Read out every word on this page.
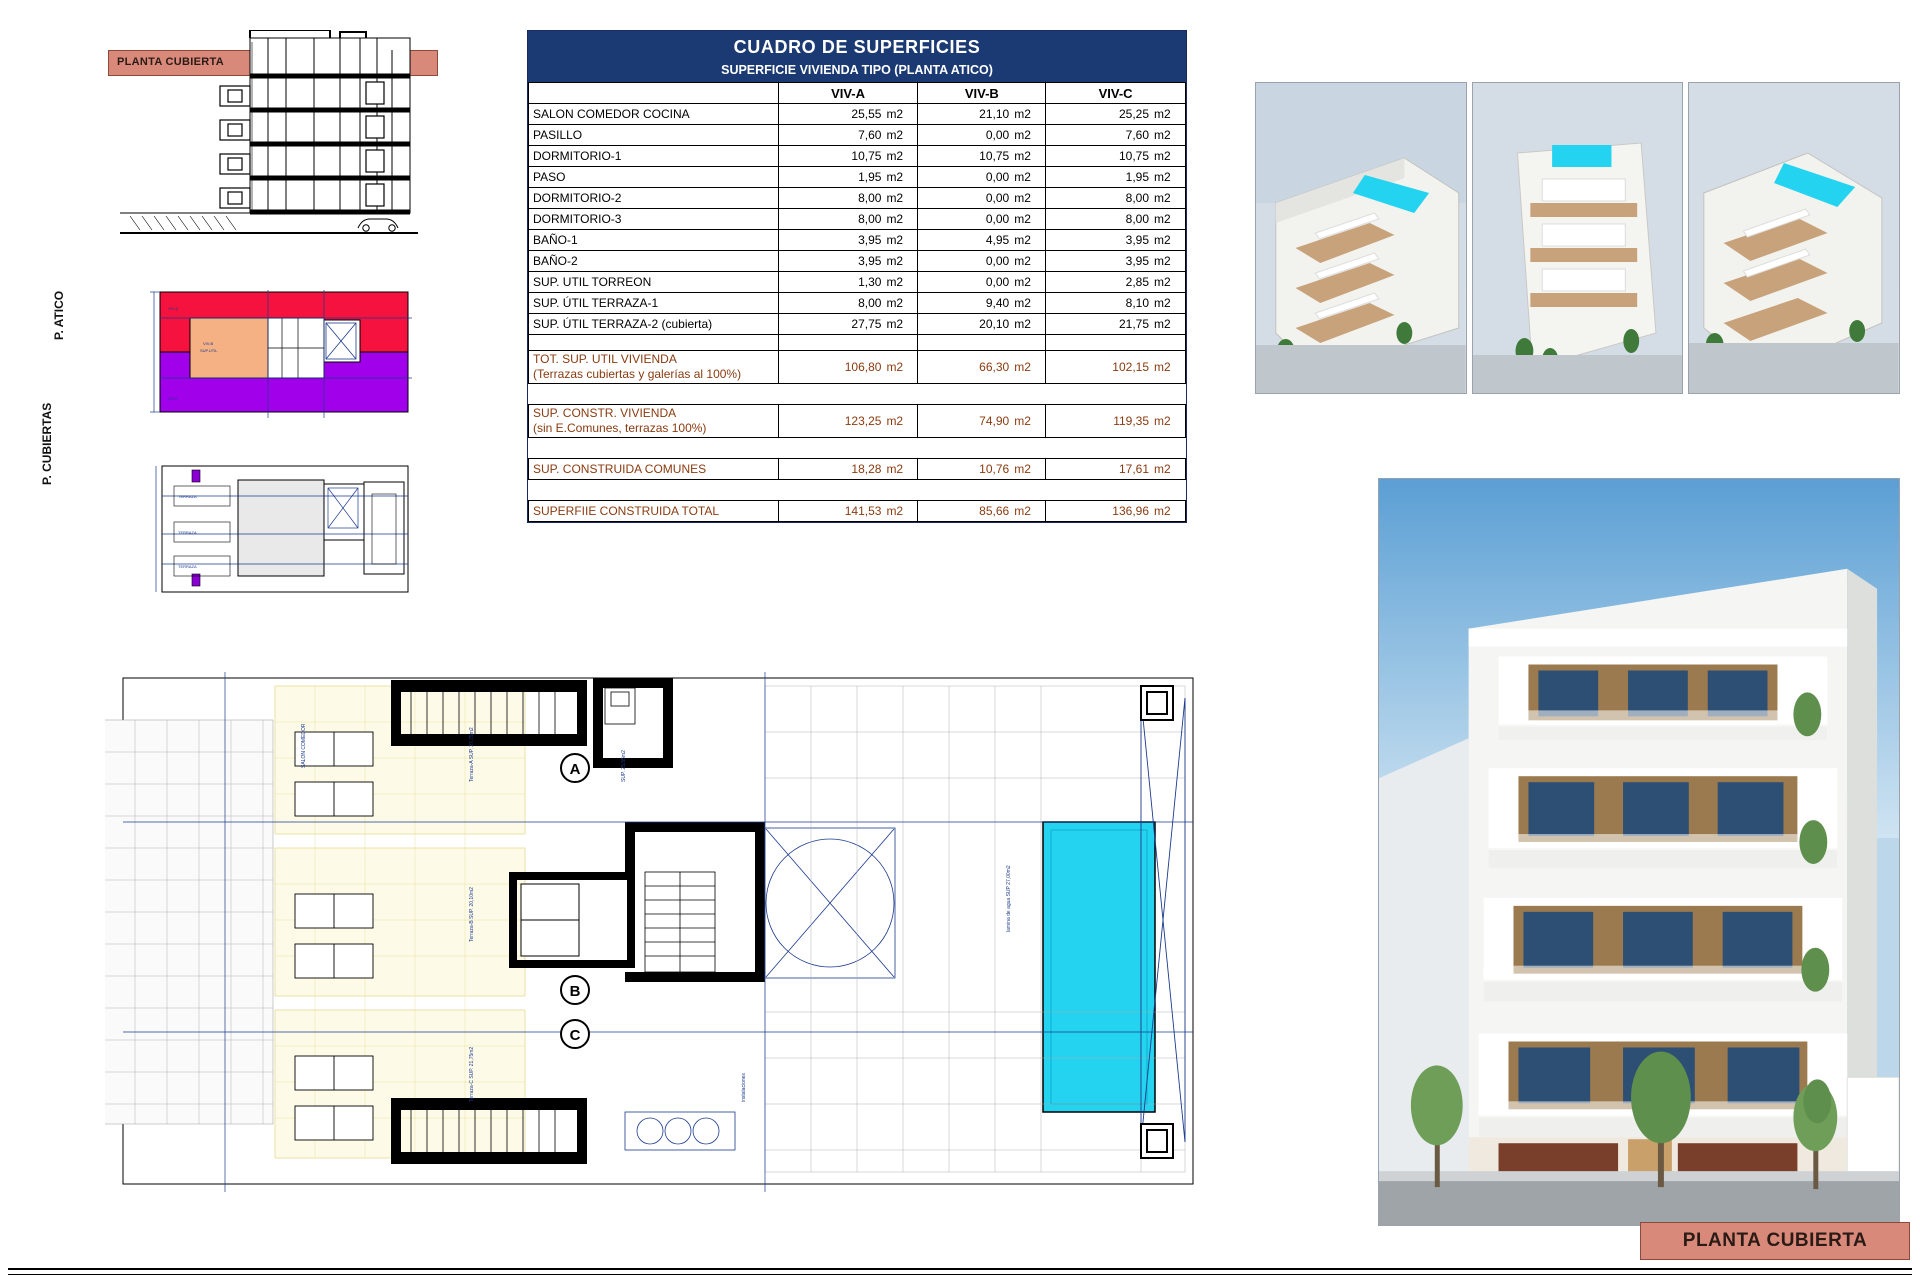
PLANTA CUBIERTA
P. ATICO
VIV-B
SUP.UTIL
VIV-A
VIV-C
P. CUBIERTAS
TERRAZA
TERRAZA
TERRAZA
CUADRO DE SUPERFICIES
SUPERFICIE VIVIENDA TIPO (PLANTA ATICO)
	VIV-A	VIV-B	VIV-C
SALON COMEDOR COCINA	25,55 m2	21,10 m2	25,25 m2

PASILLO	7,60 m2	0,00 m2	7,60 m2

DORMITORIO-1	10,75 m2	10,75 m2	10,75 m2

PASO	1,95 m2	0,00 m2	1,95 m2

DORMITORIO-2	8,00 m2	0,00 m2	8,00 m2

DORMITORIO-3	8,00 m2	0,00 m2	8,00 m2

BAÑO-1	3,95 m2	4,95 m2	3,95 m2

BAÑO-2	3,95 m2	0,00 m2	3,95 m2

SUP. UTIL TORREON	1,30 m2	0,00 m2	2,85 m2

SUP. ÚTIL TERRAZA-1	8,00 m2	9,40 m2	8,10 m2

SUP. ÚTIL TERRAZA-2 (cubierta)	27,75 m2	20,10 m2	21,75 m2

TOT. SUP. UTIL VIVIENDA
(Terrazas cubiertas y galerías al 100%)	106,80 m2	66,30 m2	102,15 m2

SUP. CONSTR. VIVIENDA
(sin E.Comunes, terrazas 100%)	123,25 m2	74,90 m2	119,35 m2

SUP. CONSTRUIDA COMUNES	18,28 m2	10,76 m2	17,61 m2

SUPERFIIE CONSTRUIDA TOTAL	141,53 m2	85,66 m2	136,96 m2
A
B
C
Terraza-A SUP. 27,75m2
Terraza-B SUP. 20,10m2
Terraza-C SUP. 21,75m2
SALON COMEDOR	SUP. 25,55m2
instalaciones
lamina de agua SUP 27,00m2
PLANTA CUBIERTA
